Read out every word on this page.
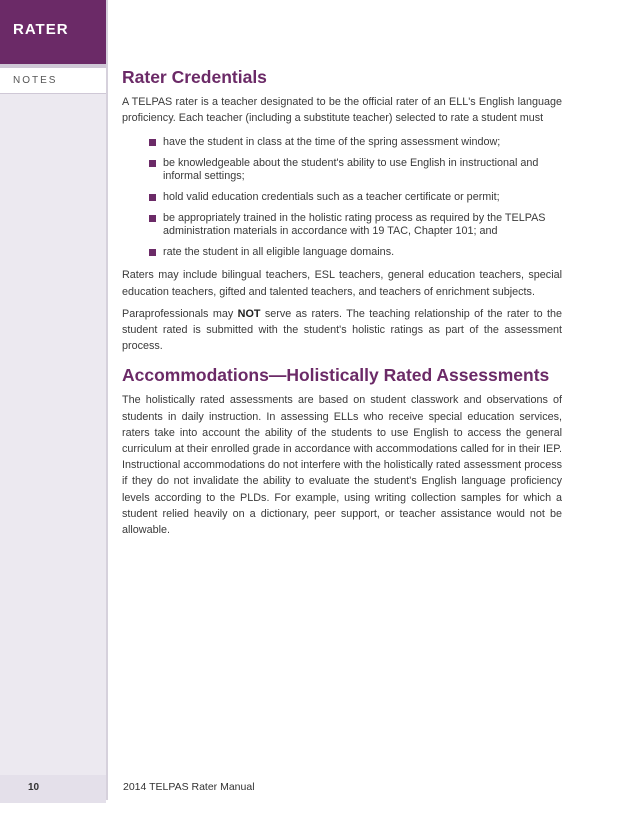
RATER
NOTES	Rater Credentials

A TELPAS rater is a teacher designated to be the official rater of an ELL's English language proficiency. Each teacher (including a substitute teacher) selected to rate a student must

have the student in class at the time of the spring assessment window;
be knowledgeable about the student's ability to use English in instructional and informal settings;
hold valid education credentials such as a teacher certificate or permit;
be appropriately trained in the holistic rating process as required by the TELPAS administration materials in accordance with 19 TAC, Chapter 101; and
rate the student in all eligible language domains.

Raters may include bilingual teachers, ESL teachers, general education teachers, special education teachers, gifted and talented teachers, and teachers of enrichment subjects.

Paraprofessionals may NOT serve as raters. The teaching relationship of the rater to the student rated is submitted with the student's holistic ratings as part of the assessment process.

Accommodations—Holistically Rated Assessments

The holistically rated assessments are based on student classwork and observations of students in daily instruction. In assessing ELLs who receive special education services, raters take into account the ability of the students to use English to access the general curriculum at their enrolled grade in accordance with accommodations called for in their IEP. Instructional accommodations do not interfere with the holistically rated assessment process if they do not invalidate the ability to evaluate the student's English language proficiency levels according to the PLDs. For example, using writing collection samples for which a student relied heavily on a dictionary, peer support, or teacher assistance would not be allowable.

10	2014 TELPAS Rater Manual
